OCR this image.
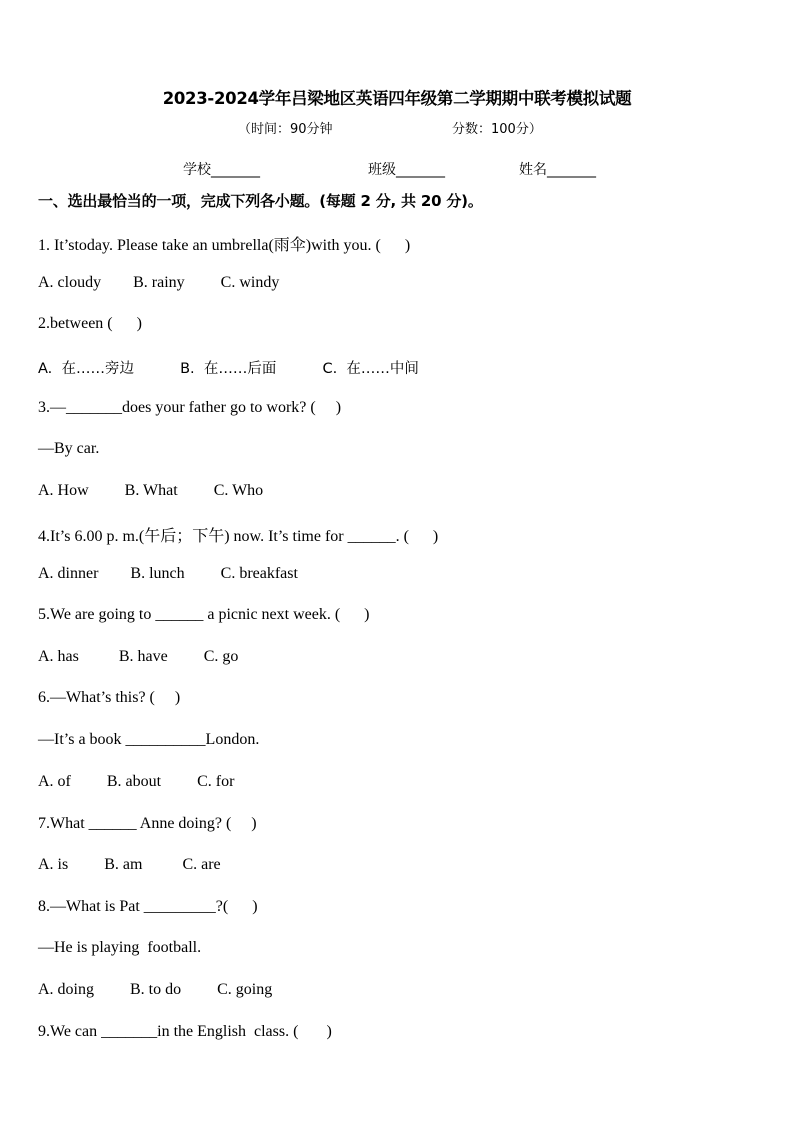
2023-2024学年吕梁地区英语四年级第二学期期中联考模拟试题
（时间：90分钟	分数：100分）
学校_______	班级_______	姓名_______
一、选出最恰当的一项，完成下列各小题。(每题 2 分, 共 20 分)。
1. It’stoday. Please take an umbrella(雨伞)with you. (      )
A. cloudy        B. rainy         C. windy
2.between (      )
A.  在……旁边          B.  在……后面          C.  在……中间
3.—_______does your father go to work? (     )
—By car.
A. How         B. What         C. Who
4.It’s 6.00 p. m.(午后；下午) now. It’s time for ______. (      )
A. dinner        B. lunch         C. breakfast
5.We are going to ______ a picnic next week. (      )
A. has          B. have         C. go
6.—What’s this? (     )
—It’s a book __________London.
A. of         B. about         C. for
7.What ______ Anne doing? (     )
A. is         B. am          C. are
8.—What is Pat _________?(      )
—He is playing  football.
A. doing         B. to do         C. going
9.We can _______in the English  class. (       )
